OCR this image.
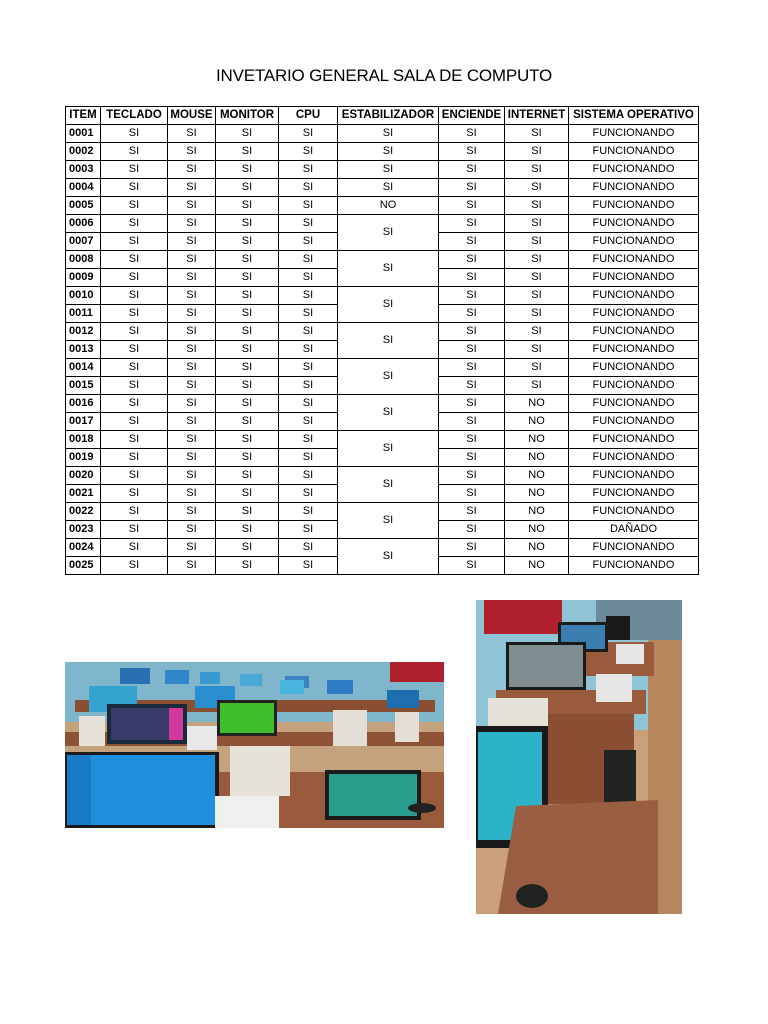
INVETARIO GENERAL SALA DE COMPUTO
ITEM	TECLADO	MOUSE	MONITOR	CPU	ESTABILIZADOR	ENCIENDE	INTERNET	SISTEMA OPERATIVO
0001	SI	SI	SI	SI	SI	SI	SI	FUNCIONANDO
0002	SI	SI	SI	SI	SI	SI	SI	FUNCIONANDO
0003	SI	SI	SI	SI	SI	SI	SI	FUNCIONANDO
0004	SI	SI	SI	SI	SI	SI	SI	FUNCIONANDO
0005	SI	SI	SI	SI	NO	SI	SI	FUNCIONANDO
0006	SI	SI	SI	SI	SI	SI	SI	FUNCIONANDO
0007	SI	SI	SI	SI		SI	SI	FUNCIONANDO
0008	SI	SI	SI	SI	SI	SI	SI	FUNCIONANDO
0009	SI	SI	SI	SI		SI	SI	FUNCIONANDO
0010	SI	SI	SI	SI	SI	SI	SI	FUNCIONANDO
0011	SI	SI	SI	SI		SI	SI	FUNCIONANDO
0012	SI	SI	SI	SI	SI	SI	SI	FUNCIONANDO
0013	SI	SI	SI	SI		SI	SI	FUNCIONANDO
0014	SI	SI	SI	SI	SI	SI	SI	FUNCIONANDO
0015	SI	SI	SI	SI		SI	SI	FUNCIONANDO
0016	SI	SI	SI	SI	SI	SI	NO	FUNCIONANDO
0017	SI	SI	SI	SI		SI	NO	FUNCIONANDO
0018	SI	SI	SI	SI	SI	SI	NO	FUNCIONANDO
0019	SI	SI	SI	SI		SI	NO	FUNCIONANDO
0020	SI	SI	SI	SI	SI	SI	NO	FUNCIONANDO
0021	SI	SI	SI	SI		SI	NO	FUNCIONANDO
0022	SI	SI	SI	SI	SI	SI	NO	FUNCIONANDO
0023	SI	SI	SI	SI		SI	NO	DAÑADO
0024	SI	SI	SI	SI	SI	SI	NO	FUNCIONANDO
0025	SI	SI	SI	SI		SI	NO	FUNCIONANDO
